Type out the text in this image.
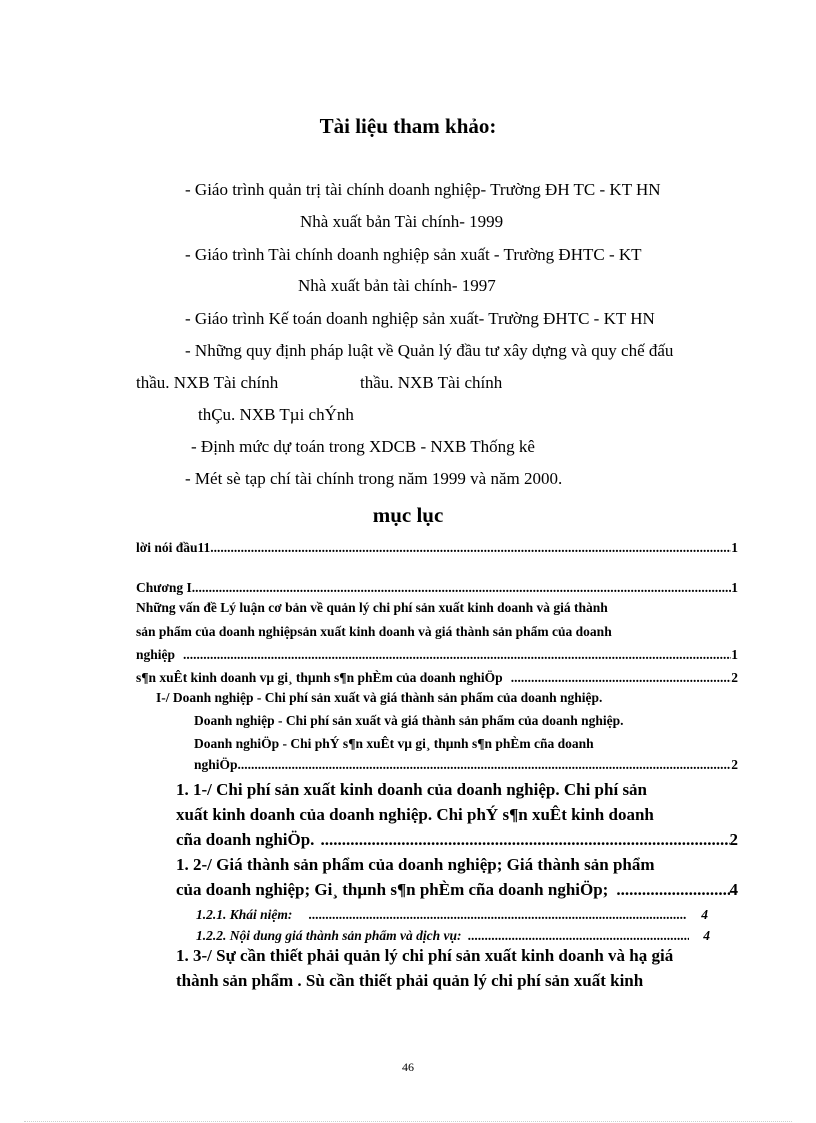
Tài liệu tham khảo:
- Giáo trình quản trị tài chính doanh nghiệp- Trường ĐH TC - KT HN
Nhà xuất bản Tài chính- 1999
- Giáo trình Tài chính doanh nghiệp sản xuất - Trường ĐHTC - KT
Nhà xuất bản tài chính- 1997
- Giáo trình Kế toán doanh nghiệp sản xuất- Trường ĐHTC - KT HN
- Những quy định pháp luật về Quản lý đầu tư xây dựng và quy chế đấu
thầu. NXB Tài chính	thầu. NXB Tài chính
thÇu. NXB Tµi chÝnh
- Định mức dự toán trong XDCB - NXB Thống kê
- Mét sè tạp chí tài chính trong năm 1999 và năm 2000.
mục lục
lời nói đầu11 .....	1
Chương I .....	1
Những vấn đề Lý luận cơ bản về quản lý chi phí sản xuất kinh doanh và giá thành
sản phẩm của doanh nghiệpsản xuất kinh doanh và giá thành sản phẩm của doanh
nghiệp .....	1
s¶n xuÊt kinh doanh vµ gi¸ thµnh s¶n phÈm của doanh nghiÖp .....	2
I-/ Doanh nghiệp - Chi phí sản xuất và giá thành sản phẩm của doanh nghiệp.
Doanh nghiệp - Chi phí sản xuất và giá thành sản phẩm của doanh nghiệp.
Doanh nghiÖp - Chi phÝ s¶n xuÊt vµ gi¸ thµnh s¶n phÈm cña doanh
nghiÖp. .....	2
1. 1-/ Chi phí sản xuất kinh doanh của doanh nghiệp. Chi phí sản
xuất kinh doanh của doanh nghiệp. Chi phÝ s¶n xuÊt kinh doanh
cña doanh nghiÖp. .....	2
1. 2-/ Giá thành sản phẩm của doanh nghiệp; Giá thành sản phẩm
của doanh nghiệp; Gi¸ thµnh s¶n phÈm cña doanh nghiÖp; .....	4
1.2.1. Khái niệm: .....	4
1.2.2. Nội dung giá thành sản phẩm và dịch vụ: .....	4
1. 3-/ Sự cần thiết phải quản lý chi phí sản xuất kinh doanh và hạ giá
thành sản phẩm . Sù cần thiết phải quản lý chi phí sản xuất kinh
46
